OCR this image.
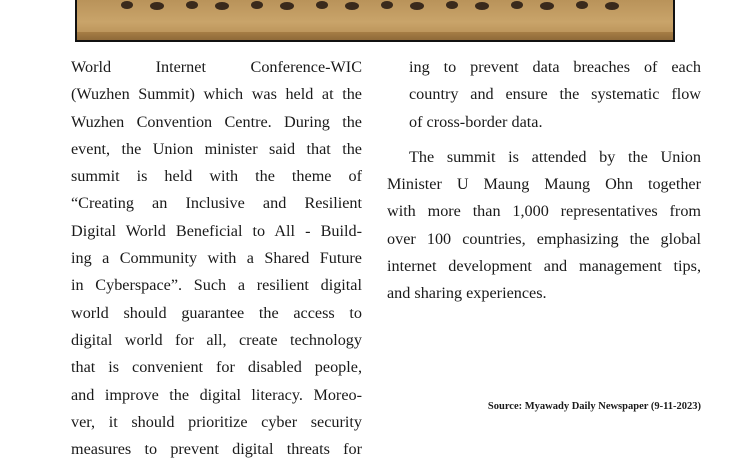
World Internet Conference-WIC
(Wuzhen Summit) which was held at the
Wuzhen Convention Centre. During the
event, the Union minister said that the
summit is held with the theme of
“Creating an Inclusive and Resilient
Digital World Beneficial to All - Build-
ing a Community with a Shared Future
in Cyberspace”. Such a resilient digital
world should guarantee the access to
digital world for all, create technology
that is convenient for disabled people,
and improve the digital literacy. Moreo-
ver, it should prioritize cyber security
measures to prevent digital threats for
ing to prevent data breaches of each
country and ensure the systematic flow
of cross-border data.
The summit is attended by the Union
Minister U Maung Maung Ohn together
with more than 1,000 representatives from
over 100 countries, emphasizing the global
internet development and management tips,
and sharing experiences.
Source: Myawady Daily Newspaper (9-11-2023)
